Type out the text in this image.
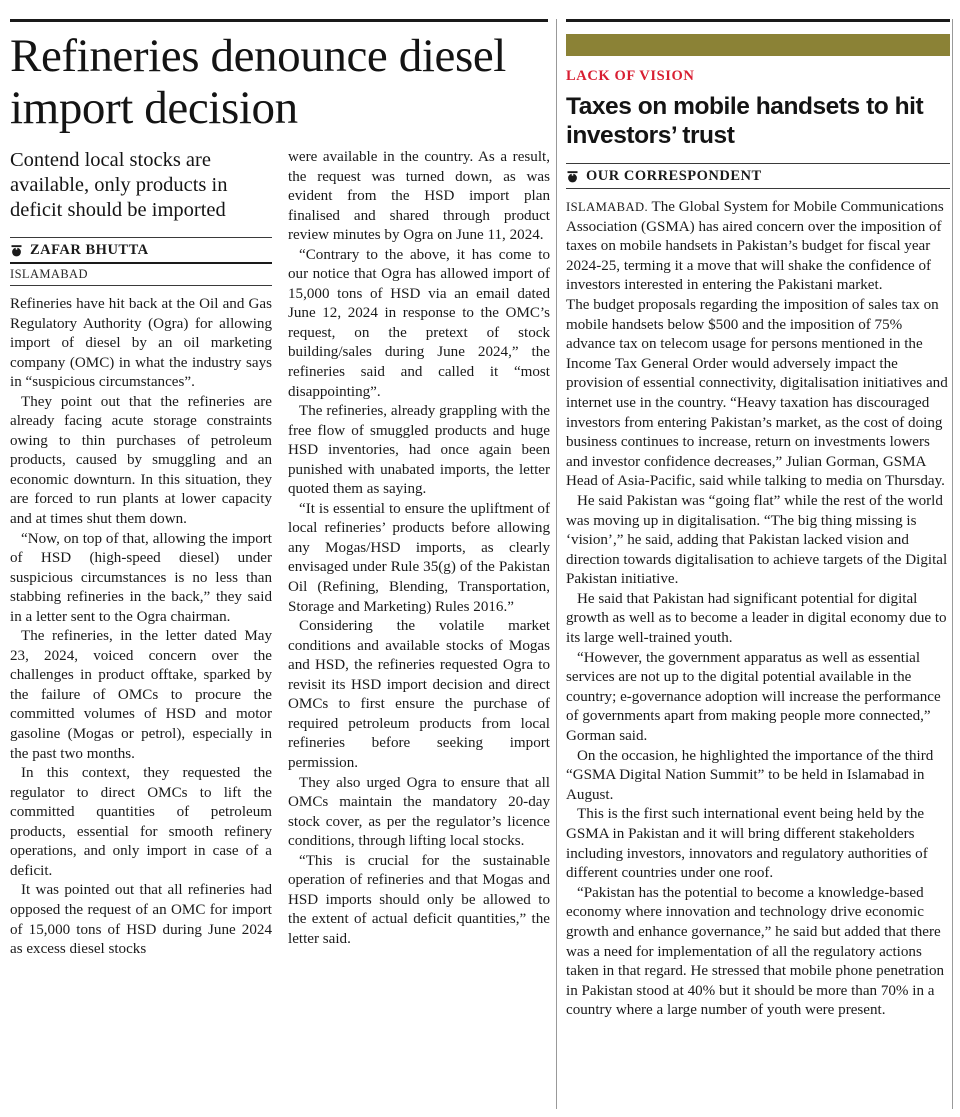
Refineries denounce diesel import decision
Contend local stocks are available, only products in deficit should be imported
ZAFAR BHUTTA
ISLAMABAD

Refineries have hit back at the Oil and Gas Regulatory Authority (Ogra) for allowing import of diesel by an oil marketing company (OMC) in what the industry says in “suspicious circumstances”.

They point out that the refineries are already facing acute storage constraints owing to thin purchases of petroleum products, caused by smuggling and an economic downturn. In this situation, they are forced to run plants at lower capacity and at times shut them down.

“Now, on top of that, allowing the import of HSD (high-speed diesel) under suspicious circumstances is no less than stabbing refineries in the back,” they said in a letter sent to the Ogra chairman.

The refineries, in the letter dated May 23, 2024, voiced concern over the challenges in product offtake, sparked by the failure of OMCs to procure the committed volumes of HSD and motor gasoline (Mogas or petrol), especially in the past two months.

In this context, they requested the regulator to direct OMCs to lift the committed quantities of petroleum products, essential for smooth refinery operations, and only import in case of a deficit.

It was pointed out that all refineries had opposed the request of an OMC for import of 15,000 tons of HSD during June 2024 as excess diesel stocks

were available in the country. As a result, the request was turned down, as was evident from the HSD import plan finalised and shared through product review minutes by Ogra on June 11, 2024.

“Contrary to the above, it has come to our notice that Ogra has allowed import of 15,000 tons of HSD via an email dated June 12, 2024 in response to the OMC’s request, on the pretext of stock building/sales during June 2024,” the refineries said and called it “most disappointing”.

The refineries, already grappling with the free flow of smuggled products and huge HSD inventories, had once again been punished with unabated imports, the letter quoted them as saying.

“It is essential to ensure the upliftment of local refineries’ products before allowing any Mogas/HSD imports, as clearly envisaged under Rule 35(g) of the Pakistan Oil (Refining, Blending, Transportation, Storage and Marketing) Rules 2016.”

Considering the volatile market conditions and available stocks of Mogas and HSD, the refineries requested Ogra to revisit its HSD import decision and direct OMCs to first ensure the purchase of required petroleum products from local refineries before seeking import permission.

They also urged Ogra to ensure that all OMCs maintain the mandatory 20-day stock cover, as per the regulator’s licence conditions, through lifting local stocks.

“This is crucial for the sustainable operation of refineries and that Mogas and HSD imports should only be allowed to the extent of actual deficit quantities,” the letter said.

LACK OF VISION
Taxes on mobile handsets to hit investors’ trust
OUR CORRESPONDENT

ISLAMABAD. The Global System for Mobile Communications Association (GSMA) has aired concern over the imposition of taxes on mobile handsets in Pakistan’s budget for fiscal year 2024-25, terming it a move that will shake the confidence of investors interested in entering the Pakistani market.

The budget proposals regarding the imposition of sales tax on mobile handsets below $500 and the imposition of 75% advance tax on telecom usage for persons mentioned in the Income Tax General Order would adversely impact the provision of essential connectivity, digitalisation initiatives and internet use in the country. “Heavy taxation has discouraged investors from entering Pakistan’s market, as the cost of doing business continues to increase, return on investments lowers and investor confidence decreases,” Julian Gorman, GSMA Head of Asia-Pacific, said while talking to media on Thursday.

He said Pakistan was “going flat” while the rest of the world was moving up in digitalisation. “The big thing missing is ‘vision’,” he said, adding that Pakistan lacked vision and direction towards digitalisation to achieve targets of the Digital Pakistan initiative.

He said that Pakistan had significant potential for digital growth as well as to become a leader in digital economy due to its large well-trained youth.

“However, the government apparatus as well as essential services are not up to the digital potential available in the country; e-governance adoption will increase the performance of governments apart from making people more connected,” Gorman said.

On the occasion, he highlighted the importance of the third “GSMA Digital Nation Summit” to be held in Islamabad in August.

This is the first such international event being held by the GSMA in Pakistan and it will bring different stakeholders including investors, innovators and regulatory authorities of different countries under one roof.

“Pakistan has the potential to become a knowledge-based economy where innovation and technology drive economic growth and enhance governance,” he said but added that there was a need for implementation of all the regulatory actions taken in that regard. He stressed that mobile phone penetration in Pakistan stood at 40% but it should be more than 70% in a country where a large number of youth were present.
